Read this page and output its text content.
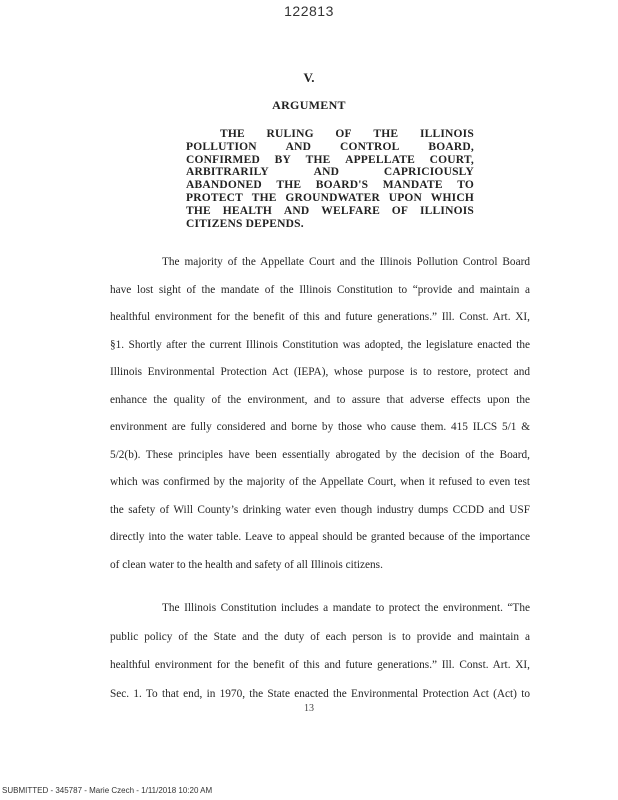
122813
V.
ARGUMENT
THE RULING OF THE ILLINOIS
POLLUTION	AND	CONTROL	BOARD,
CONFIRMED BY THE APPELLATE COURT,
ARBITRARILY	AND	CAPRICIOUSLY
ABANDONED THE BOARD'S MANDATE TO
PROTECT THE GROUNDWATER UPON WHICH
THE HEALTH AND WELFARE OF ILLINOIS
CITIZENS DEPENDS.
The majority of the Appellate Court and the Illinois Pollution Control Board
have lost sight of the mandate of the Illinois Constitution to “provide and maintain a
healthful environment for the benefit of this and future generations.” Ill. Const. Art. XI,
§1. Shortly after the current Illinois Constitution was adopted, the legislature enacted the
Illinois Environmental Protection Act (IEPA), whose purpose is to restore, protect and
enhance the quality of the environment, and to assure that adverse effects upon the
environment are fully considered and borne by those who cause them. 415 ILCS 5/1 &
5/2(b). These principles have been essentially abrogated by the decision of the Board,
which was confirmed by the majority of the Appellate Court, when it refused to even test
the safety of Will County’s drinking water even though industry dumps CCDD and USF
directly into the water table. Leave to appeal should be granted because of the importance
of clean water to the health and safety of all Illinois citizens.
The Illinois Constitution includes a mandate to protect the environment. “The
public policy of the State and the duty of each person is to provide and maintain a
healthful environment for the benefit of this and future generations.” Ill. Const. Art. XI,
Sec. 1. To that end, in 1970, the State enacted the Environmental Protection Act (Act) to
13
SUBMITTED - 345787 - Marie Czech - 1/11/2018 10:20 AM
